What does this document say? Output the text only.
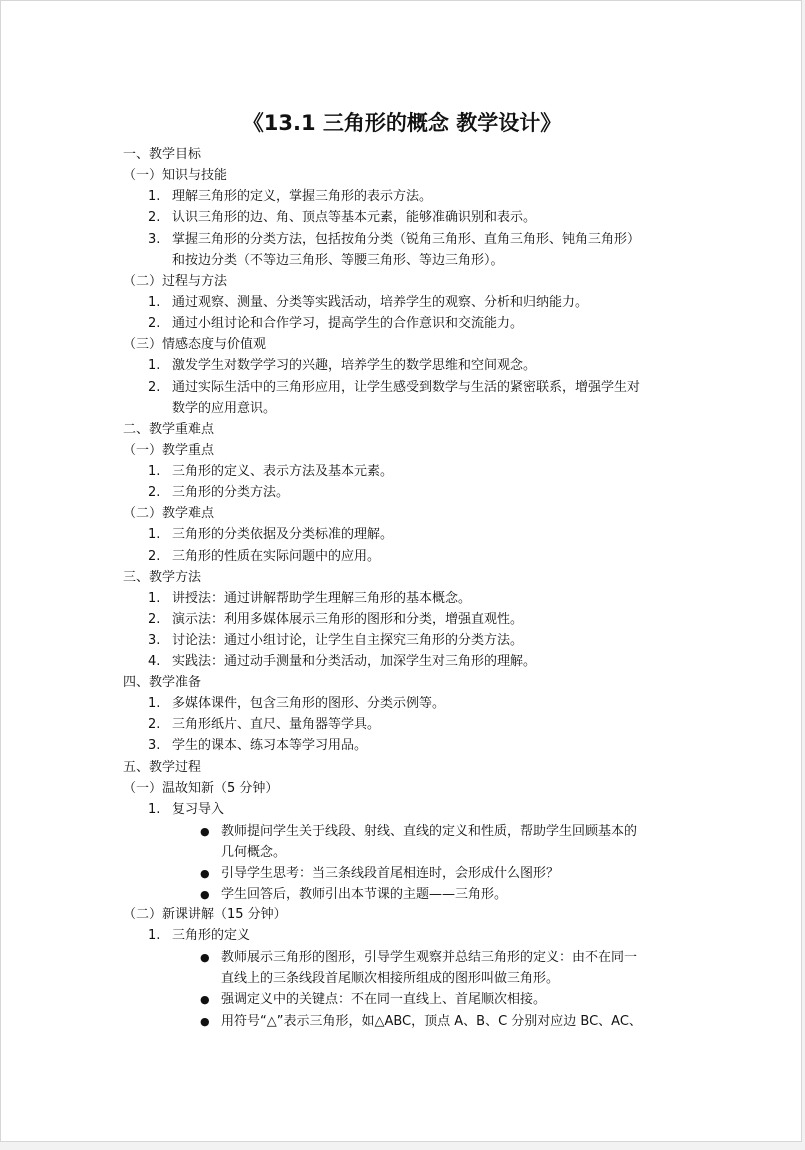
《13.1 三角形的概念 教学设计》
一、教学目标
（一）知识与技能
1. 理解三角形的定义，掌握三角形的表示方法。
2. 认识三角形的边、角、顶点等基本元素，能够准确识别和表示。
3. 掌握三角形的分类方法，包括按角分类（锐角三角形、直角三角形、钝角三角形）
和按边分类（不等边三角形、等腰三角形、等边三角形）。
（二）过程与方法
1. 通过观察、测量、分类等实践活动，培养学生的观察、分析和归纳能力。
2. 通过小组讨论和合作学习，提高学生的合作意识和交流能力。
（三）情感态度与价值观
1. 激发学生对数学学习的兴趣，培养学生的数学思维和空间观念。
2. 通过实际生活中的三角形应用，让学生感受到数学与生活的紧密联系，增强学生对
数学的应用意识。
二、教学重难点
（一）教学重点
1. 三角形的定义、表示方法及基本元素。
2. 三角形的分类方法。
（二）教学难点
1. 三角形的分类依据及分类标准的理解。
2. 三角形的性质在实际问题中的应用。
三、教学方法
1. 讲授法：通过讲解帮助学生理解三角形的基本概念。
2. 演示法：利用多媒体展示三角形的图形和分类，增强直观性。
3. 讨论法：通过小组讨论，让学生自主探究三角形的分类方法。
4. 实践法：通过动手测量和分类活动，加深学生对三角形的理解。
四、教学准备
1. 多媒体课件，包含三角形的图形、分类示例等。
2. 三角形纸片、直尺、量角器等学具。
3. 学生的课本、练习本等学习用品。
五、教学过程
（一）温故知新（5 分钟）
1. 复习导入
● 教师提问学生关于线段、射线、直线的定义和性质，帮助学生回顾基本的
几何概念。
● 引导学生思考：当三条线段首尾相连时，会形成什么图形？
● 学生回答后，教师引出本节课的主题——三角形。
（二）新课讲解（15 分钟）
1. 三角形的定义
● 教师展示三角形的图形，引导学生观察并总结三角形的定义：由不在同一
直线上的三条线段首尾顺次相接所组成的图形叫做三角形。
● 强调定义中的关键点：不在同一直线上、首尾顺次相接。
● 用符号“△”表示三角形，如△ABC，顶点 A、B、C 分别对应边 BC、AC、
